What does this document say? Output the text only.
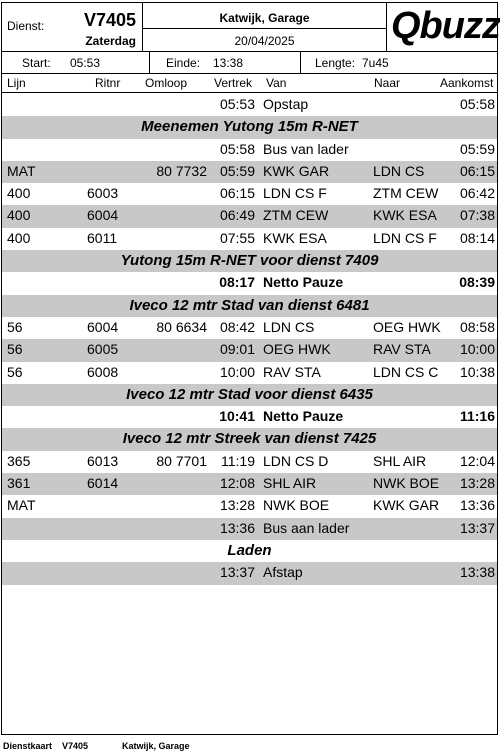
Dienst: V7405
Zaterdag
Katwijk, Garage
20/04/2025	Qbuzz
Start: 05:53	Einde: 13:38	Lengte: 7u45
Lijn	Ritnr Omloop Vertrek Van	Naar	Aankomst
05:53 Opstap	05:58
Meenemen Yutong 15m R-NET
05:58 Bus van lader	05:59
MAT	80 7732 05:59 KWK GAR	LDN CS	06:15
400	6003	06:15 LDN CS F	ZTM CEW 06:42
400	6004	06:49 ZTM CEW	KWK ESA 07:38
400	6011	07:55 KWK ESA	LDN CS F 08:14
Yutong 15m R-NET voor dienst 7409
08:17 Netto Pauze	08:39
Iveco 12 mtr Stad van dienst 6481
56	6004	80 6634 08:42 LDN CS	OEG HWK 08:58
56	6005	09:01 OEG HWK	RAV STA 10:00
56	6008	10:00 RAV STA	LDN CS C 10:38
Iveco 12 mtr Stad voor dienst 6435
10:41 Netto Pauze	11:16
Iveco 12 mtr Streek van dienst 7425
365	6013	80 7701 11:19 LDN CS D	SHL AIR 12:04
361	6014	12:08 SHL AIR	NWK BOE 13:28
MAT	13:28 NWK BOE	KWK GAR 13:36
13:36 Bus aan lader	13:37
Laden
13:37 Afstap	13:38
Dienstkaart V7405	Katwijk, Garage
